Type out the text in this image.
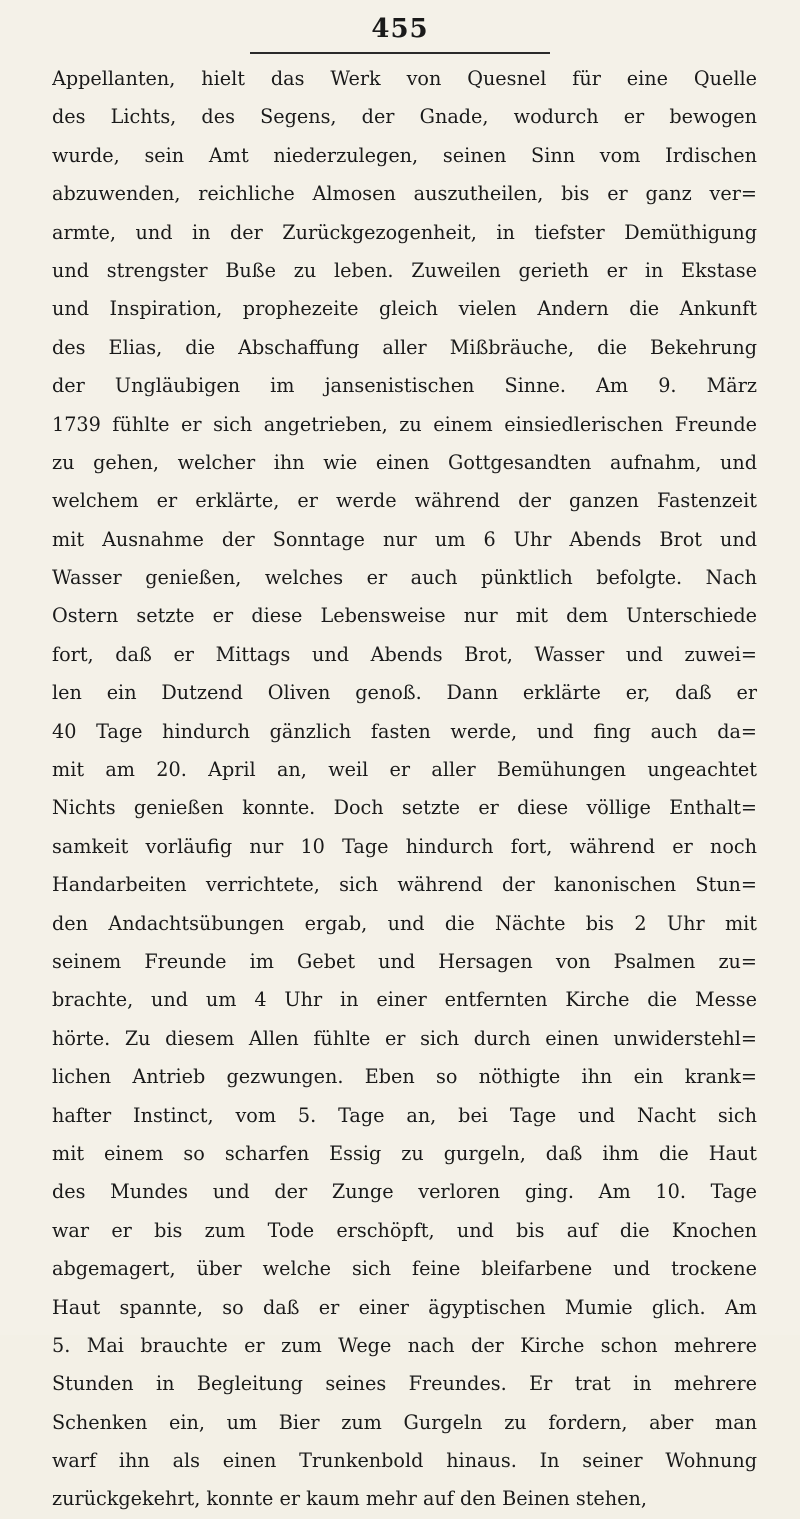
455
Appellanten, hielt das Werk von Quesnel für eine Quelle
des Lichts, des Segens, der Gnade, wodurch er bewogen
wurde, sein Amt niederzulegen, seinen Sinn vom Irdischen
abzuwenden, reichliche Almosen auszutheilen, bis er ganz ver=
armte, und in der Zurückgezogenheit, in tiefster Demüthigung
und strengster Buße zu leben. Zuweilen gerieth er in Ekstase
und Inspiration, prophezeite gleich vielen Andern die Ankunft
des Elias, die Abschaffung aller Mißbräuche, die Bekehrung
der Ungläubigen im jansenistischen Sinne. Am 9. März
1739 fühlte er sich angetrieben, zu einem einsiedlerischen Freunde
zu gehen, welcher ihn wie einen Gottgesandten aufnahm, und
welchem er erklärte, er werde während der ganzen Fastenzeit
mit Ausnahme der Sonntage nur um 6 Uhr Abends Brot und
Wasser genießen, welches er auch pünktlich befolgte. Nach
Ostern setzte er diese Lebensweise nur mit dem Unterschiede
fort, daß er Mittags und Abends Brot, Wasser und zuwei=
len ein Dutzend Oliven genoß. Dann erklärte er, daß er
40 Tage hindurch gänzlich fasten werde, und fing auch da=
mit am 20. April an, weil er aller Bemühungen ungeachtet
Nichts genießen konnte. Doch setzte er diese völlige Enthalt=
samkeit vorläufig nur 10 Tage hindurch fort, während er noch
Handarbeiten verrichtete, sich während der kanonischen Stun=
den Andachtsübungen ergab, und die Nächte bis 2 Uhr mit
seinem Freunde im Gebet und Hersagen von Psalmen zu=
brachte, und um 4 Uhr in einer entfernten Kirche die Messe
hörte. Zu diesem Allen fühlte er sich durch einen unwiderstehl=
lichen Antrieb gezwungen. Eben so nöthigte ihn ein krank=
hafter Instinct, vom 5. Tage an, bei Tage und Nacht sich
mit einem so scharfen Essig zu gurgeln, daß ihm die Haut
des Mundes und der Zunge verloren ging. Am 10. Tage
war er bis zum Tode erschöpft, und bis auf die Knochen
abgemagert, über welche sich feine bleifarbene und trockene
Haut spannte, so daß er einer ägyptischen Mumie glich. Am
5. Mai brauchte er zum Wege nach der Kirche schon mehrere
Stunden in Begleitung seines Freundes. Er trat in mehrere
Schenken ein, um Bier zum Gurgeln zu fordern, aber man
warf ihn als einen Trunkenbold hinaus. In seiner Wohnung
zurückgekehrt, konnte er kaum mehr auf den Beinen stehen,
